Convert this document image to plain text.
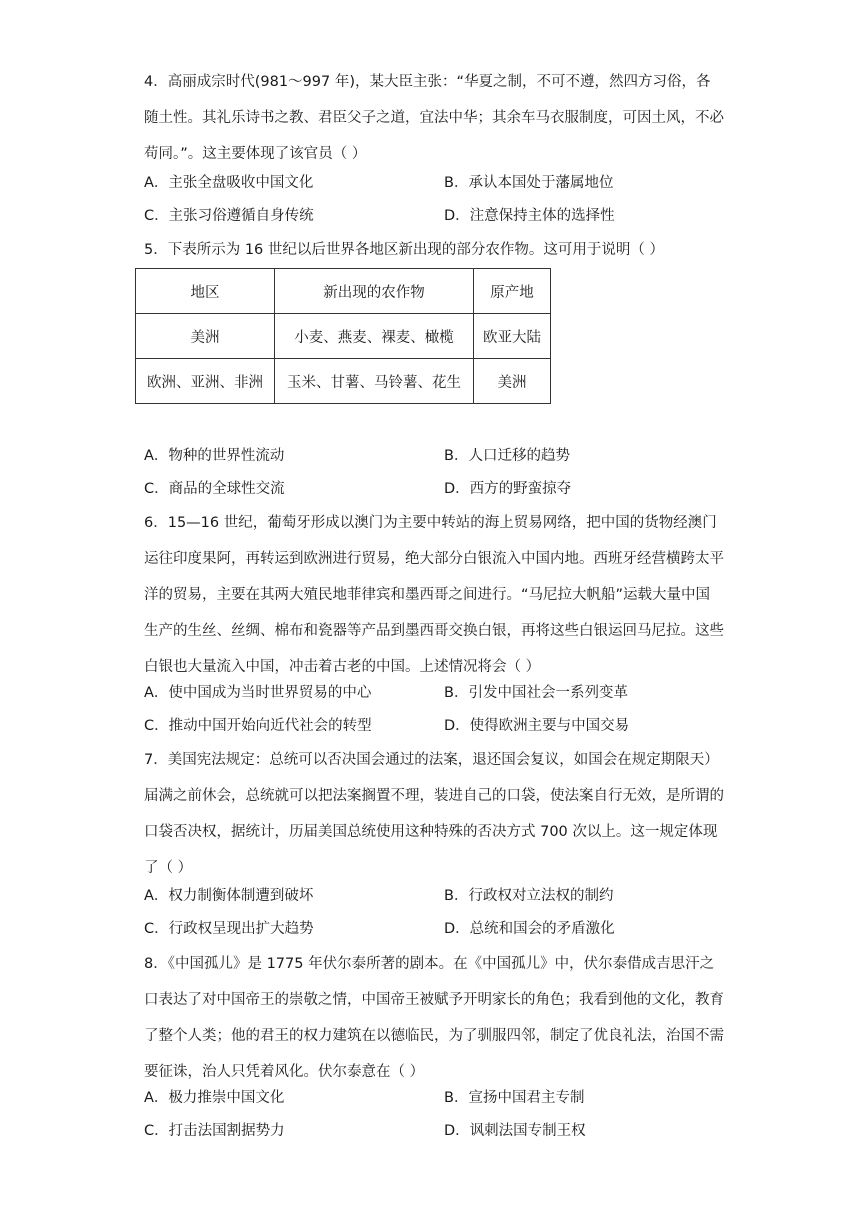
4．高丽成宗时代(981～997 年)，某大臣主张：“华夏之制，不可不遵，然四方习俗，各随土性。其礼乐诗书之教、君臣父子之道，宜法中华；其余车马衣服制度，可因土风，不必苟同。”。这主要体现了该官员（ ）
A．主张全盘吸收中国文化	B．承认本国处于藩属地位
C．主张习俗遵循自身传统	D．注意保持主体的选择性
5．下表所示为 16 世纪以后世界各地区新出现的部分农作物。这可用于说明（ ）
地区	新出现的农作物	原产地
美洲	小麦、燕麦、裸麦、橄榄	欧亚大陆
欧洲、亚洲、非洲	玉米、甘薯、马铃薯、花生	美洲
A．物种的世界性流动	B．人口迁移的趋势
C．商品的全球性交流	D．西方的野蛮掠夺
6．15—16 世纪，葡萄牙形成以澳门为主要中转站的海上贸易网络，把中国的货物经澳门运往印度果阿，再转运到欧洲进行贸易，绝大部分白银流入中国内地。西班牙经营横跨太平洋的贸易，主要在其两大殖民地菲律宾和墨西哥之间进行。“马尼拉大帆船”运载大量中国生产的生丝、丝绸、棉布和瓷器等产品到墨西哥交换白银，再将这些白银运回马尼拉。这些白银也大量流入中国，冲击着古老的中国。上述情况将会（ ）
A．使中国成为当时世界贸易的中心	B．引发中国社会一系列变革
C．推动中国开始向近代社会的转型	D．使得欧洲主要与中国交易
7．美国宪法规定：总统可以否决国会通过的法案，退还国会复议，如国会在规定期限天）届满之前休会，总统就可以把法案搁置不理，装进自己的口袋，使法案自行无效，是所谓的口袋否决权，据统计，历届美国总统使用这种特殊的否决方式 700 次以上。这一规定体现了（ ）
A．权力制衡体制遭到破坏	B．行政权对立法权的制约
C．行政权呈现出扩大趋势	D．总统和国会的矛盾激化
8．《中国孤儿》是 1775 年伏尔泰所著的剧本。在《中国孤儿》中，伏尔泰借成吉思汗之口表达了对中国帝王的崇敬之情，中国帝王被赋予开明家长的角色；我看到他的文化，教育了整个人类；他的君王的权力建筑在以德临民，为了驯服四邻，制定了优良礼法，治国不需要征诛，治人只凭着风化。伏尔泰意在（ ）
A．极力推崇中国文化	B．宣扬中国君主专制
C．打击法国割据势力	D．讽刺法国专制王权
